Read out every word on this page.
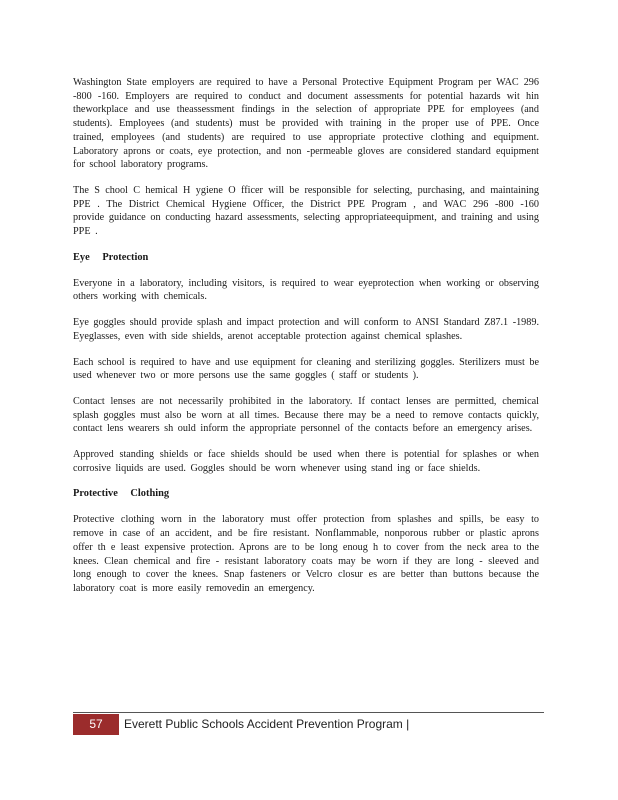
Washington State employers are required to have a Personal Protective Equipment Program per WAC 296 -800 -160. Employers are required to conduct and document assessments for potential hazards wit hin theworkplace and use theassessment findings in the selection of appropriate PPE for employees (and students). Employees (and students) must be provided with training in the proper use of PPE. Once trained, employees (and students) are required to use appropriate protective clothing and equipment. Laboratory aprons or coats, eye protection, and non -permeable gloves are considered standard equipment for school laboratory programs.

The S chool C hemical H ygiene O fficer will be responsible for selecting, purchasing, and maintaining PPE . The District Chemical Hygiene Officer, the District PPE Program , and WAC 296 -800 -160 provide guidance on conducting hazard assessments, selecting appropriateequipment, and training and using PPE .

Eye Protection

Everyone in a laboratory, including visitors, is required to wear eyeprotection when working or observing others working with chemicals.

Eye goggles should provide splash and impact protection and will conform to ANSI Standard Z87.1 -1989. Eyeglasses, even with side shields, arenot acceptable protection against chemical splashes.

Each school is required to have and use equipment for cleaning and sterilizing goggles. Sterilizers must be used whenever two or more persons use the same goggles ( staff or students ).

Contact lenses are not necessarily prohibited in the laboratory. If contact lenses are permitted, chemical splash goggles must also be worn at all times. Because there may be a need to remove contacts quickly, contact lens wearers sh ould inform the appropriate personnel of the contacts before an emergency arises.

Approved standing shields or face shields should be used when there is potential for splashes or when corrosive liquids are used. Goggles should be worn whenever using stand ing or face shields.

Protective Clothing

Protective clothing worn in the laboratory must offer protection from splashes and spills, be easy to remove in case of an accident, and be fire resistant. Nonflammable, nonporous rubber or plastic aprons offer th e least expensive protection. Aprons are to be long enoug h to cover from the neck area to the knees. Clean chemical and fire - resistant laboratory coats may be worn if they are long - sleeved and long enough to cover the knees. Snap fasteners or Velcro closur es are better than buttons because the laboratory coat is more easily removedin an emergency.

57	Everett Public Schools Accident Prevention Program |
